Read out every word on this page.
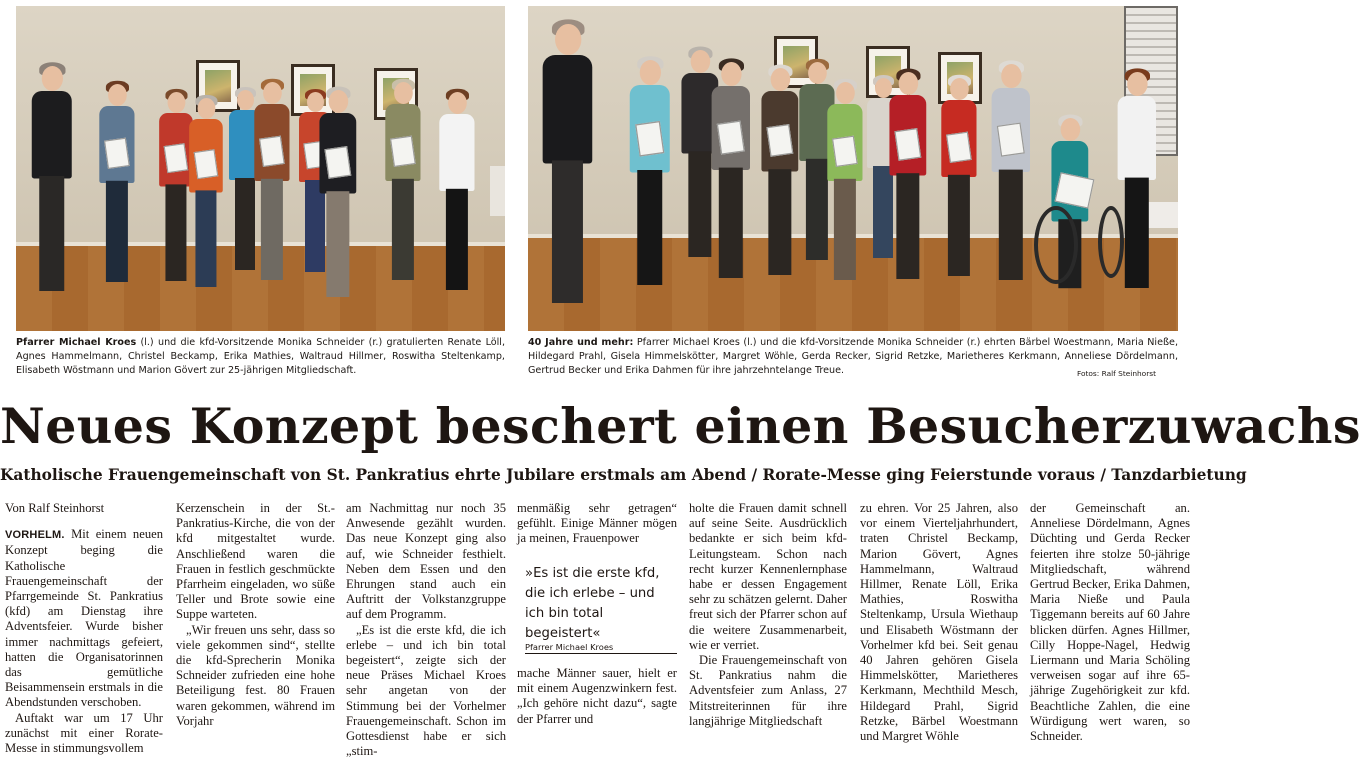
Pfarrer Michael Kroes (l.) und die kfd-Vorsitzende Monika Schneider (r.) gratulierten Renate Löll, Agnes Hammelmann, Christel Beckamp, Erika Mathies, Waltraud Hillmer, Roswitha Steltenkamp, Elisabeth Wöstmann und Marion Gövert zur 25-jährigen Mitgliedschaft.
40 Jahre und mehr: Pfarrer Michael Kroes (l.) und die kfd-Vorsitzende Monika Schneider (r.) ehrten Bärbel Woestmann, Maria Nieße, Hildegard Prahl, Gisela Himmelskötter, Margret Wöhle, Gerda Recker, Sigrid Retzke, Marietheres Kerkmann, Anneliese Dördelmann, Gertrud Becker und Erika Dahmen für ihre jahrzehntelange Treue.	Fotos: Ralf Steinhorst
Neues Konzept beschert einen Besucherzuwachs
Katholische Frauengemeinschaft von St. Pankratius ehrte Jubilare erstmals am Abend / Rorate-Messe ging Feierstunde voraus / Tanzdarbietung
Von Ralf Steinhorst

VORHELM. Mit einem neuen Konzept beging die Katholische Frauengemeinschaft der Pfarrgemeinde St. Pankratius (kfd) am Dienstag ihre Adventsfeier. Wurde bisher immer nachmittags gefeiert, hatten die Organisatorinnen das gemütliche Beisammensein erstmals in die Abendstunden verschoben.

Auftakt war um 17 Uhr zunächst mit einer Rorate-Messe in stimmungsvollem

Kerzenschein in der St.-Pankratius-Kirche, die von der kfd mitgestaltet wurde. Anschließend waren die Frauen in festlich geschmückte Pfarrheim eingeladen, wo süße Teller und Brote sowie eine Suppe warteten.

„Wir freuen uns sehr, dass so viele gekommen sind“, stellte die kfd-Sprecherin Monika Schneider zufrieden eine hohe Beteiligung fest. 80 Frauen waren gekommen, während im Vorjahr

am Nachmittag nur noch 35 Anwesende gezählt wurden. Das neue Konzept ging also auf, wie Schneider festhielt. Neben dem Essen und den Ehrungen stand auch ein Auftritt der Volkstanzgruppe auf dem Programm.

„Es ist die erste kfd, die ich erlebe – und ich bin total begeistert“, zeigte sich der neue Präses Michael Kroes sehr angetan von der Stimmung bei der Vorhelmer Frauengemeinschaft. Schon im Gottesdienst habe er sich „stim-

menmäßig sehr getragen“ gefühlt. Einige Männer mögen ja meinen, Frauenpower

»Es ist die erste kfd, die ich erlebe – und ich bin total begeistert«
Pfarrer Michael Kroes

mache Männer sauer, hielt er mit einem Augenzwinkern fest. „Ich gehöre nicht dazu“, sagte der Pfarrer und

holte die Frauen damit schnell auf seine Seite. Ausdrücklich bedankte er sich beim kfd-Leitungsteam. Schon nach recht kurzer Kennenlernphase habe er dessen Engagement sehr zu schätzen gelernt. Daher freut sich der Pfarrer schon auf die weitere Zusammenarbeit, wie er verriet.

Die Frauengemeinschaft von St. Pankratius nahm die Adventsfeier zum Anlass, 27 Mitstreiterinnen für ihre langjährige Mitgliedschaft

zu ehren. Vor 25 Jahren, also vor einem Vierteljahrhundert, traten Christel Beckamp, Marion Gövert, Agnes Hammelmann, Waltraud Hillmer, Renate Löll, Erika Mathies, Roswitha Steltenkamp, Ursula Wiethaup und Elisabeth Wöstmann der Vorhelmer kfd bei. Seit genau 40 Jahren gehören Gisela Himmelskötter, Marietheres Kerkmann, Mechthild Mesch, Hildegard Prahl, Sigrid Retzke, Bärbel Woestmann und Margret Wöhle

der Gemeinschaft an. Anneliese Dördelmann, Agnes Düchting und Gerda Recker feierten ihre stolze 50-jährige Mitgliedschaft, während Gertrud Becker, Erika Dahmen, Maria Nieße und Paula Tiggemann bereits auf 60 Jahre blicken dürfen. Agnes Hillmer, Cilly Hoppe-Nagel, Hedwig Liermann und Maria Schöling verweisen sogar auf ihre 65-jährige Zugehörigkeit zur kfd. Beachtliche Zahlen, die eine Würdigung wert waren, so Schneider.
